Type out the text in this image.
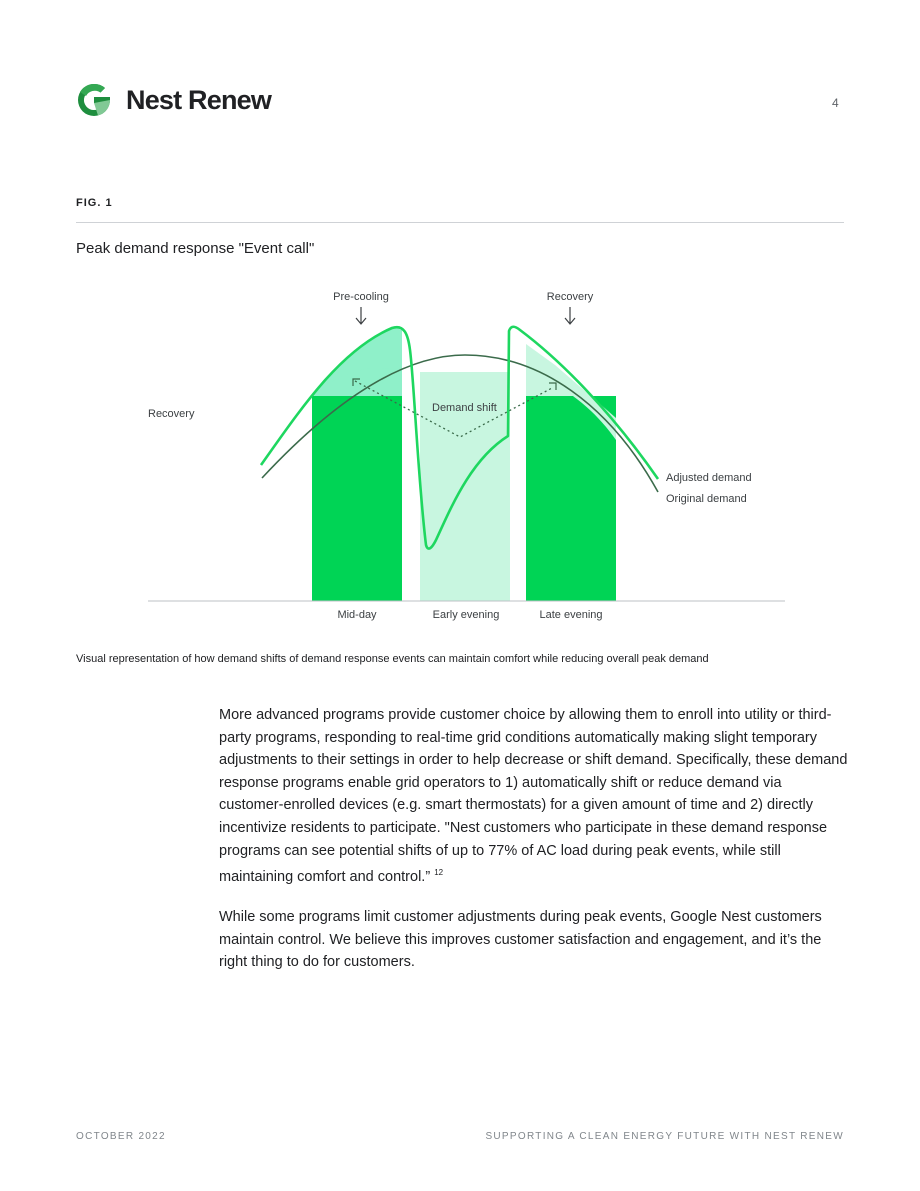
Nest Renew	4
FIG. 1
Peak demand response "Event call"
Pre-cooling	Recovery
Recovery	Demand shift
Adjusted demand
Original demand
Mid-day	Early evening	Late evening
Visual representation of how demand shifts of demand response events can maintain comfort while reducing overall peak demand
More advanced programs provide customer choice by allowing them to enroll into utility or third-party programs, responding to real-time grid conditions automatically making slight temporary adjustments to their settings in order to help decrease or shift demand. Specifically, these demand response programs enable grid operators to 1) automatically shift or reduce demand via customer-enrolled devices (e.g. smart thermostats) for a given amount of time and 2) directly incentivize residents to participate. "Nest customers who participate in these demand response programs can see potential shifts of up to 77% of AC load during peak events, while still maintaining comfort and control.” $^{12}$
While some programs limit customer adjustments during peak events, Google Nest customers maintain control. We believe this improves customer satisfaction and engagement, and it’s the right thing to do for customers.
OCTOBER 2022	SUPPORTING A CLEAN ENERGY FUTURE WITH NEST RENEW
